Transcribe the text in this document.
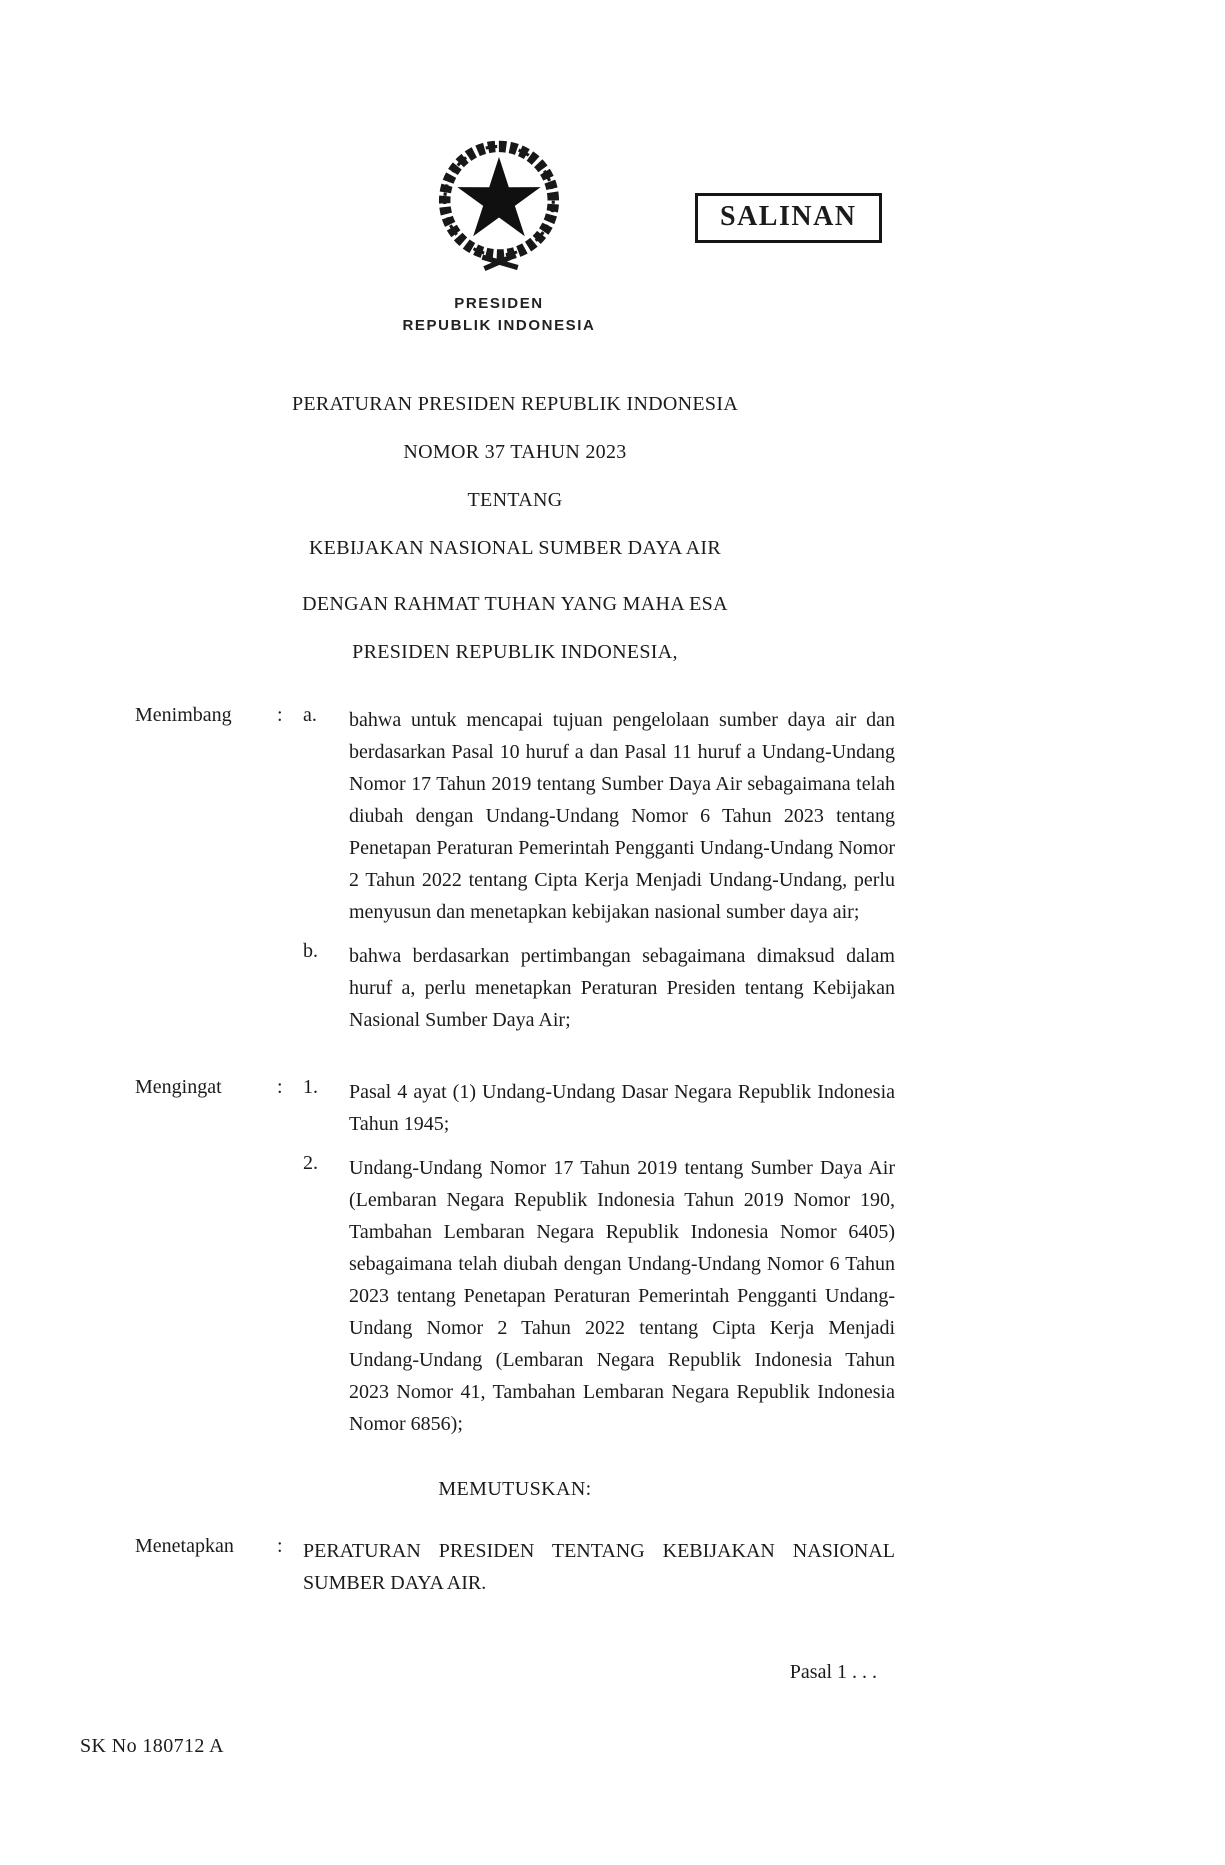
SALINAN
PRESIDEN
REPUBLIK INDONESIA

PERATURAN PRESIDEN REPUBLIK INDONESIA

NOMOR 37 TAHUN 2023

TENTANG

KEBIJAKAN NASIONAL SUMBER DAYA AIR

DENGAN RAHMAT TUHAN YANG MAHA ESA

PRESIDEN REPUBLIK INDONESIA,

Menimbang	:	a.	bahwa untuk mencapai tujuan pengelolaan sumber daya air dan berdasarkan Pasal 10 huruf a dan Pasal 11 huruf a Undang-Undang Nomor 17 Tahun 2019 tentang Sumber Daya Air sebagaimana telah diubah dengan Undang-Undang Nomor 6 Tahun 2023 tentang Penetapan Peraturan Pemerintah Pengganti Undang-Undang Nomor 2 Tahun 2022 tentang Cipta Kerja Menjadi Undang-Undang, perlu menyusun dan menetapkan kebijakan nasional sumber daya air;
b.	bahwa berdasarkan pertimbangan sebagaimana dimaksud dalam huruf a, perlu menetapkan Peraturan Presiden tentang Kebijakan Nasional Sumber Daya Air;
Mengingat	:	1.	Pasal 4 ayat (1) Undang-Undang Dasar Negara Republik Indonesia Tahun 1945;
2.	Undang-Undang Nomor 17 Tahun 2019 tentang Sumber Daya Air (Lembaran Negara Republik Indonesia Tahun 2019 Nomor 190, Tambahan Lembaran Negara Republik Indonesia Nomor 6405) sebagaimana telah diubah dengan Undang-Undang Nomor 6 Tahun 2023 tentang Penetapan Peraturan Pemerintah Pengganti Undang-Undang Nomor 2 Tahun 2022 tentang Cipta Kerja Menjadi Undang-Undang (Lembaran Negara Republik Indonesia Tahun 2023 Nomor 41, Tambahan Lembaran Negara Republik Indonesia Nomor 6856);
MEMUTUSKAN:
Menetapkan	:	PERATURAN PRESIDEN TENTANG KEBIJAKAN NASIONAL SUMBER DAYA AIR.
Pasal 1 . . .
SK No 180712 A
